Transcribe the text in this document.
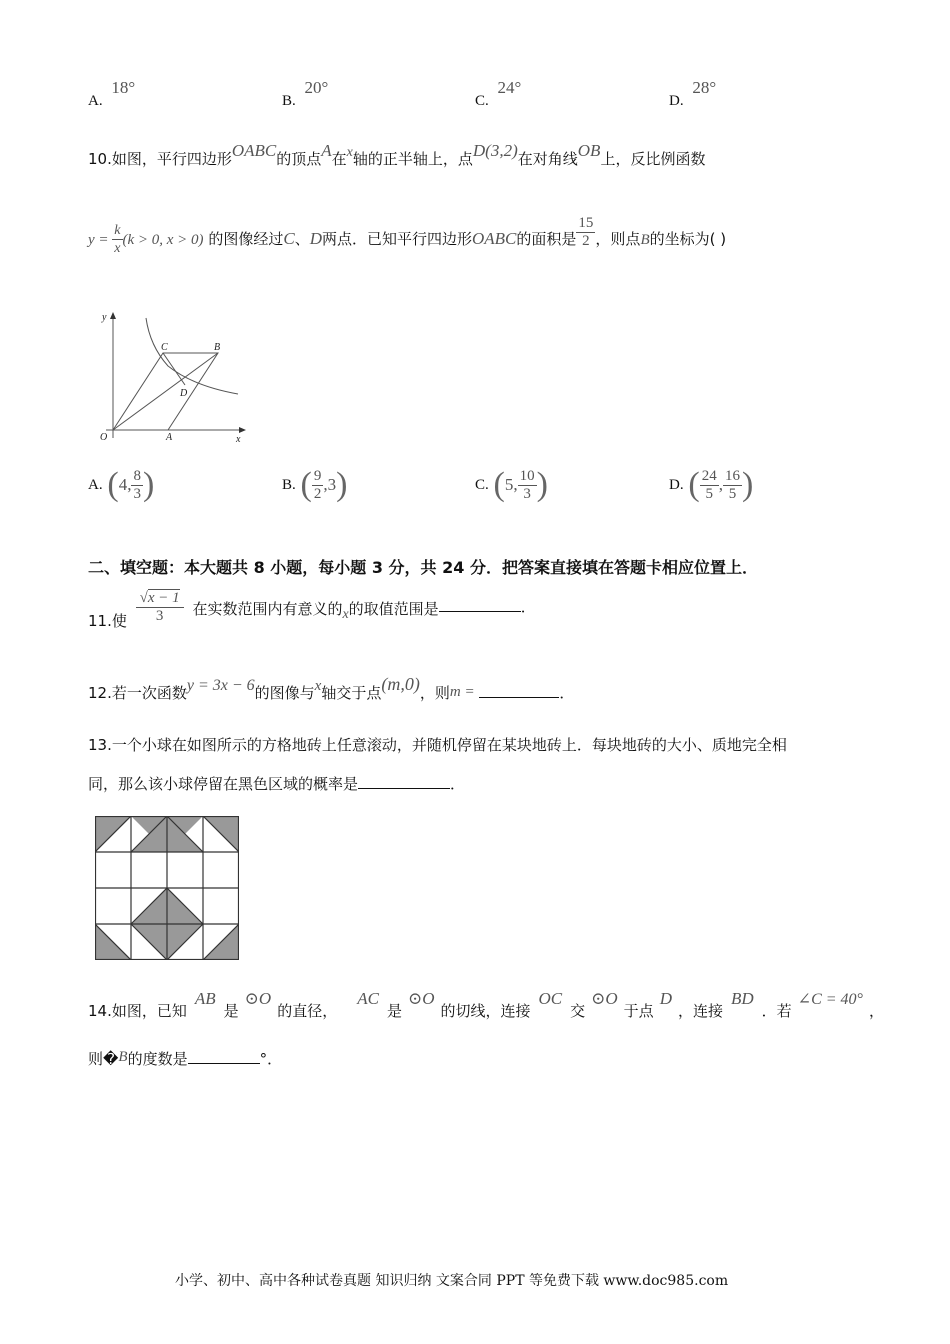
A. 18°
B. 20°
C. 24°
D. 28°
10.如图，平行四边形OABC的顶点A在x轴的正半轴上，点D(3,2)在对角线OB上，反比例函数
$y = \frac{k}{x} (k > 0$, x > 0) 的图像经过C、D两点．已知平行四边形OABC的面积是 $\frac{15}{2}$ ，则点B的坐标为( )
y
x
O	A
B
C
D
A. (4, $\frac{8}{3}$ )	B. ( $\frac{9}{2} ,3$)	C. (5, $\frac{10}{3}$ )	D. ( $\frac{24}{5}$ , $\frac{16}{5}$ )
二、填空题：本大题共 8 小题，每小题 3 分，共 24 分．把答案直接填在答题卡相应位置上．
11.使 $\frac{√x - 1}{3}$ 在实数范围内有意义的x的取值范围是	．
12.若一次函数y = 3x − 6的图像与x轴交于点(m,0)，则m =	．
13.一个小球在如图所示的方格地砖上任意滚动，并随机停留在某块地砖上．每块地砖的大小、质地完全相
同，那么该小球停留在黑色区域的概率是	．
14.如图，已知AB是⊙O的直径，AC是⊙O的切线，连接OC交⊙O于点D，连接BD．若∠C = 40°，
则�B的度数是	°．
小学、初中、高中各种试卷真题 知识归纳 文案合同 PPT 等免费下载 www.doc985.com
